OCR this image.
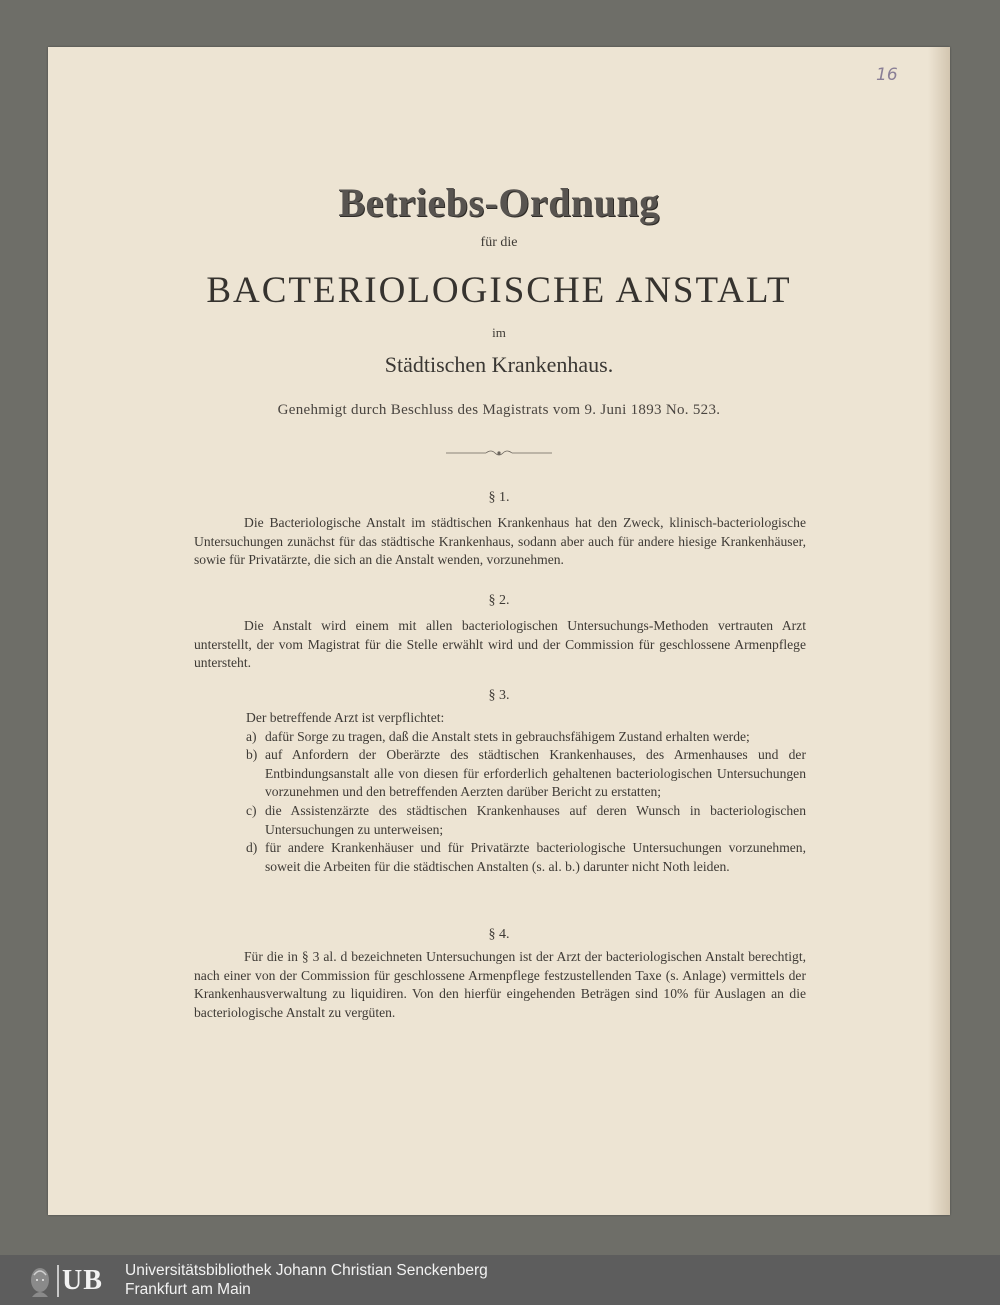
16
Betriebs-Ordnung
für die
BACTERIOLOGISCHE ANSTALT
im
Städtischen Krankenhaus.
Genehmigt durch Beschluss des Magistrats vom 9. Juni 1893 No. 523.
§ 1.
Die Bacteriologische Anstalt im städtischen Krankenhaus hat den Zweck, klinisch-bacteriologische Untersuchungen zunächst für das städtische Krankenhaus, sodann aber auch für andere hiesige Krankenhäuser, sowie für Privatärzte, die sich an die Anstalt wenden, vorzunehmen.
§ 2.
Die Anstalt wird einem mit allen bacteriologischen Untersuchungs-Methoden vertrauten Arzt unterstellt, der vom Magistrat für die Stelle erwählt wird und der Commission für geschlossene Armenpflege untersteht.
§ 3.
Der betreffende Arzt ist verpflichtet:
a) dafür Sorge zu tragen, daß die Anstalt stets in gebrauchsfähigem Zustand erhalten werde;
b) auf Anfordern der Oberärzte des städtischen Krankenhauses, des Armenhauses und der Entbindungsanstalt alle von diesen für erforderlich gehaltenen bacteriologischen Untersuchungen vorzunehmen und den betreffenden Aerzten darüber Bericht zu erstatten;
c) die Assistenzärzte des städtischen Krankenhauses auf deren Wunsch in bacteriologischen Untersuchungen zu unterweisen;
d) für andere Krankenhäuser und für Privatärzte bacteriologische Untersuchungen vorzunehmen, soweit die Arbeiten für die städtischen Anstalten (s. al. b.) darunter nicht Noth leiden.
§ 4.
Für die in § 3 al. d bezeichneten Untersuchungen ist der Arzt der bacteriologischen Anstalt berechtigt, nach einer von der Commission für geschlossene Armenpflege festzustellenden Taxe (s. Anlage) vermittels der Krankenhausverwaltung zu liquidiren. Von den hierfür eingehenden Beträgen sind 10% für Auslagen an die bacteriologische Anstalt zu vergüten.
UB Universitätsbibliothek Johann Christian Senckenberg
Frankfurt am Main
